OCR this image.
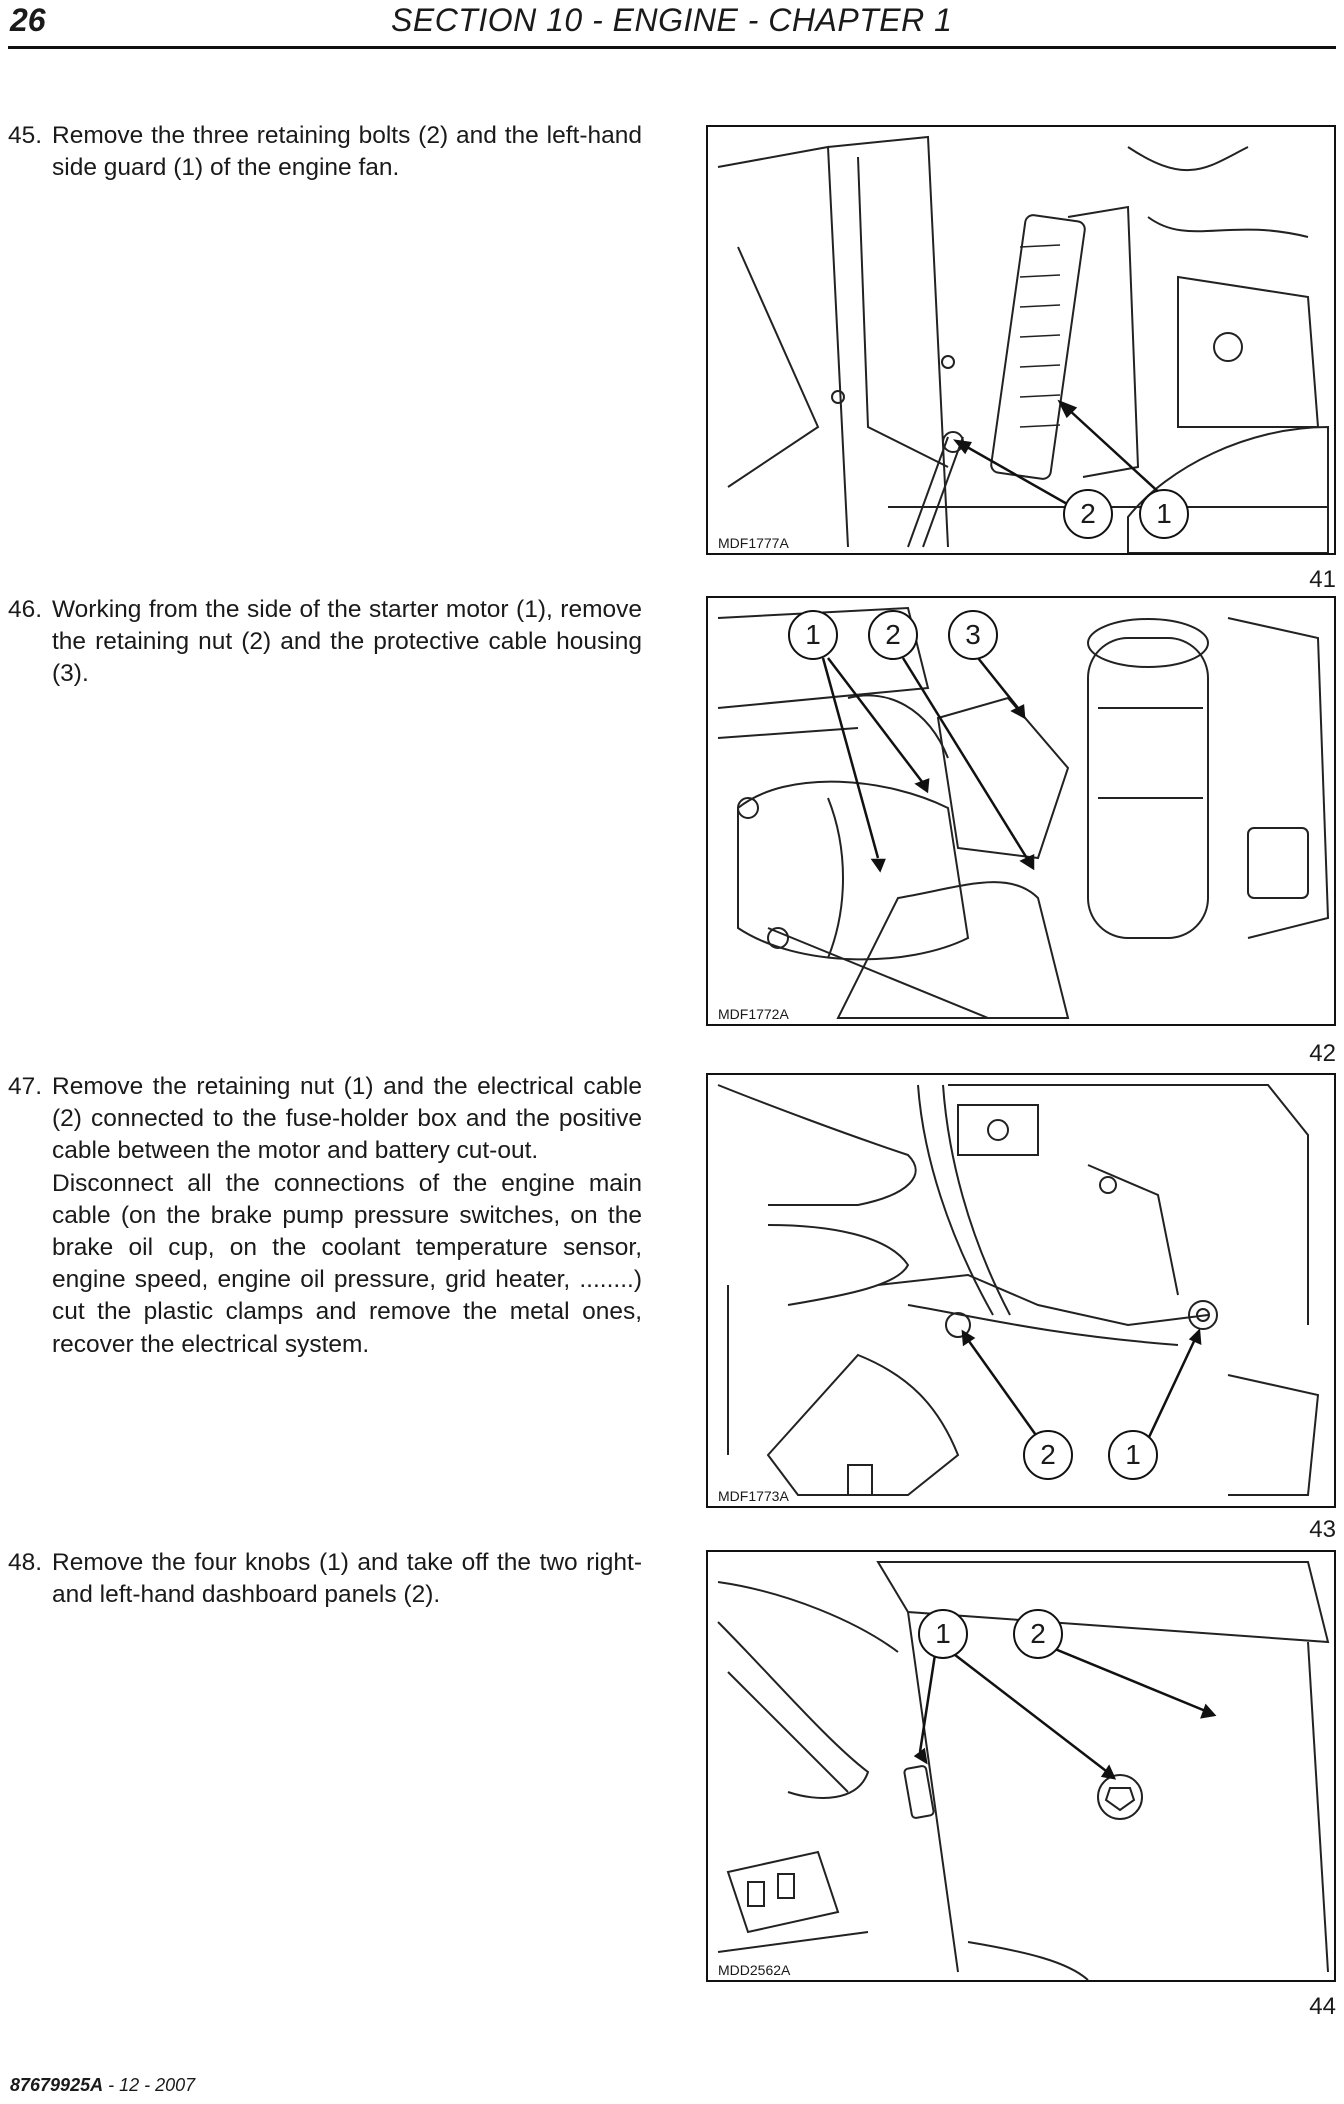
26	SECTION 10 - ENGINE - CHAPTER 1
45. Remove the three retaining bolts (2) and the left-hand side guard (1) of the engine fan.

46. Working from the side of the starter motor (1), remove the retaining nut (2) and the protective cable housing (3).

47. Remove the retaining nut (1) and the electrical cable (2) connected to the fuse-holder box and the positive cable between the motor and battery cut-out.

Disconnect all the connections of the engine main cable (on the brake pump pressure switches, on the brake oil cup, on the coolant temperature sensor, engine speed, engine oil pressure, grid heater, ........) cut the plastic clamps and remove the metal ones, recover the electrical system.

48. Remove the four knobs (1) and take off the two right- and left-hand dashboard panels (2).

2	1
MDF1777A
41
1	2	3
MDF1772A
42
2	1
MDF1773A
43
1	2
MDD2562A
44
87679925A - 12 - 2007
